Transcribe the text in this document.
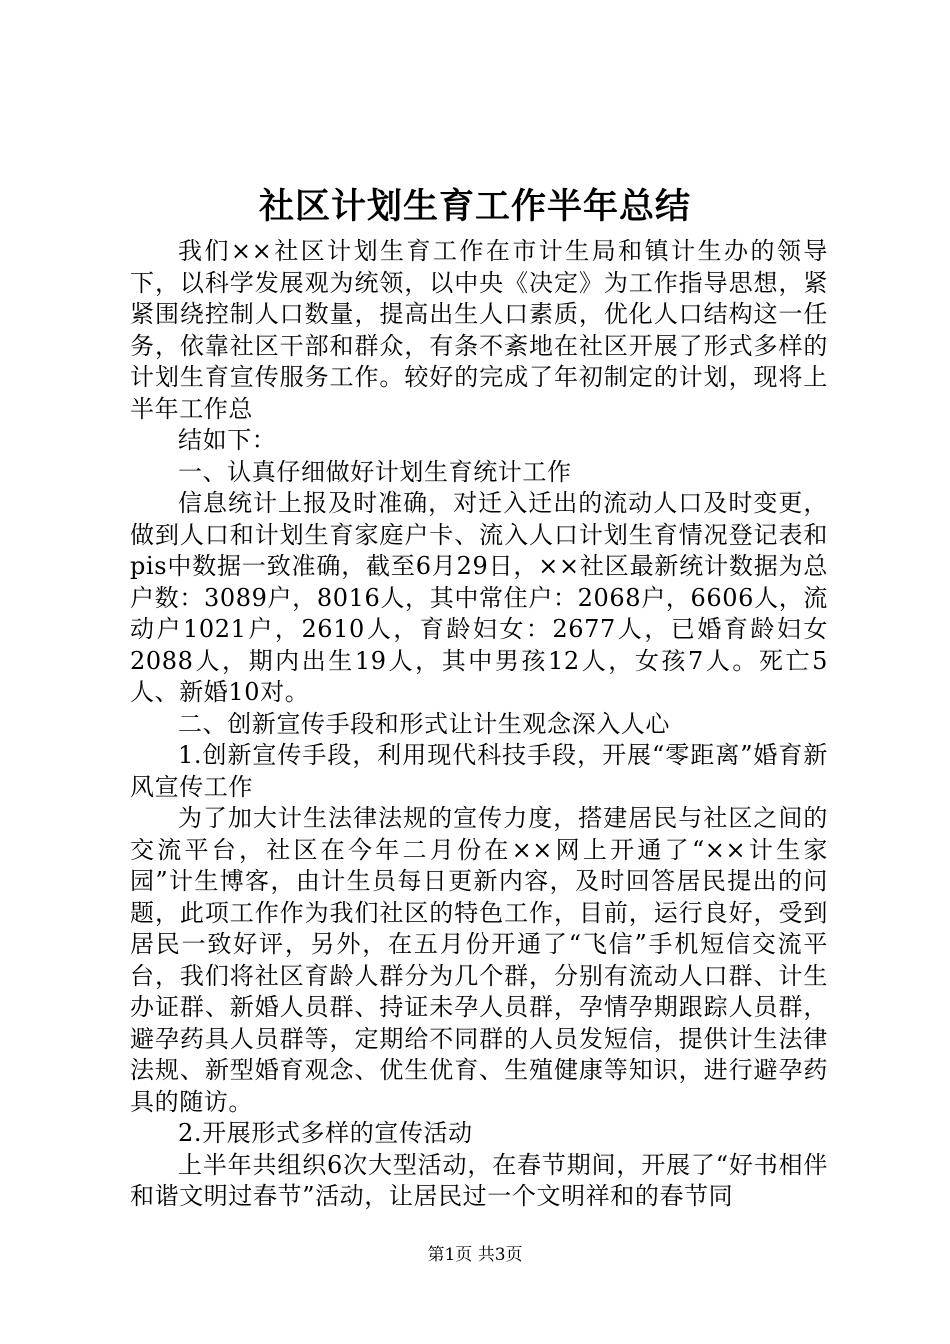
社区计划生育工作半年总结

我们××社区计划生育工作在市计生局和镇计生办的领导下，以科学发展观为统领，以中央《决定》为工作指导思想，紧紧围绕控制人口数量，提高出生人口素质，优化人口结构这一任务，依靠社区干部和群众，有条不紊地在社区开展了形式多样的计划生育宣传服务工作。较好的完成了年初制定的计划，现将上半年工作总

结如下：

一、认真仔细做好计划生育统计工作

信息统计上报及时准确，对迁入迁出的流动人口及时变更，做到人口和计划生育家庭户卡、流入人口计划生育情况登记表和pis中数据一致准确，截至6月29日，××社区最新统计数据为总户数：3089户，8016人，其中常住户：2068户，6606人，流动户1021户，2610人，育龄妇女：2677人，已婚育龄妇女2088人，期内出生19人，其中男孩12人，女孩7人。死亡5人、新婚10对。

二、创新宣传手段和形式让计生观念深入人心

1.创新宣传手段，利用现代科技手段，开展“零距离”婚育新风宣传工作

为了加大计生法律法规的宣传力度，搭建居民与社区之间的交流平台，社区在今年二月份在××网上开通了“××计生家园”计生博客，由计生员每日更新内容，及时回答居民提出的问题，此项工作作为我们社区的特色工作，目前，运行良好，受到居民一致好评，另外，在五月份开通了“飞信”手机短信交流平台，我们将社区育龄人群分为几个群，分别有流动人口群、计生办证群、新婚人员群、持证未孕人员群，孕情孕期跟踪人员群，避孕药具人员群等，定期给不同群的人员发短信，提供计生法律法规、新型婚育观念、优生优育、生殖健康等知识，进行避孕药具的随访。

2.开展形式多样的宣传活动

上半年共组织6次大型活动，在春节期间，开展了“好书相伴和谐文明过春节”活动，让居民过一个文明祥和的春节同

第1页 共3页
